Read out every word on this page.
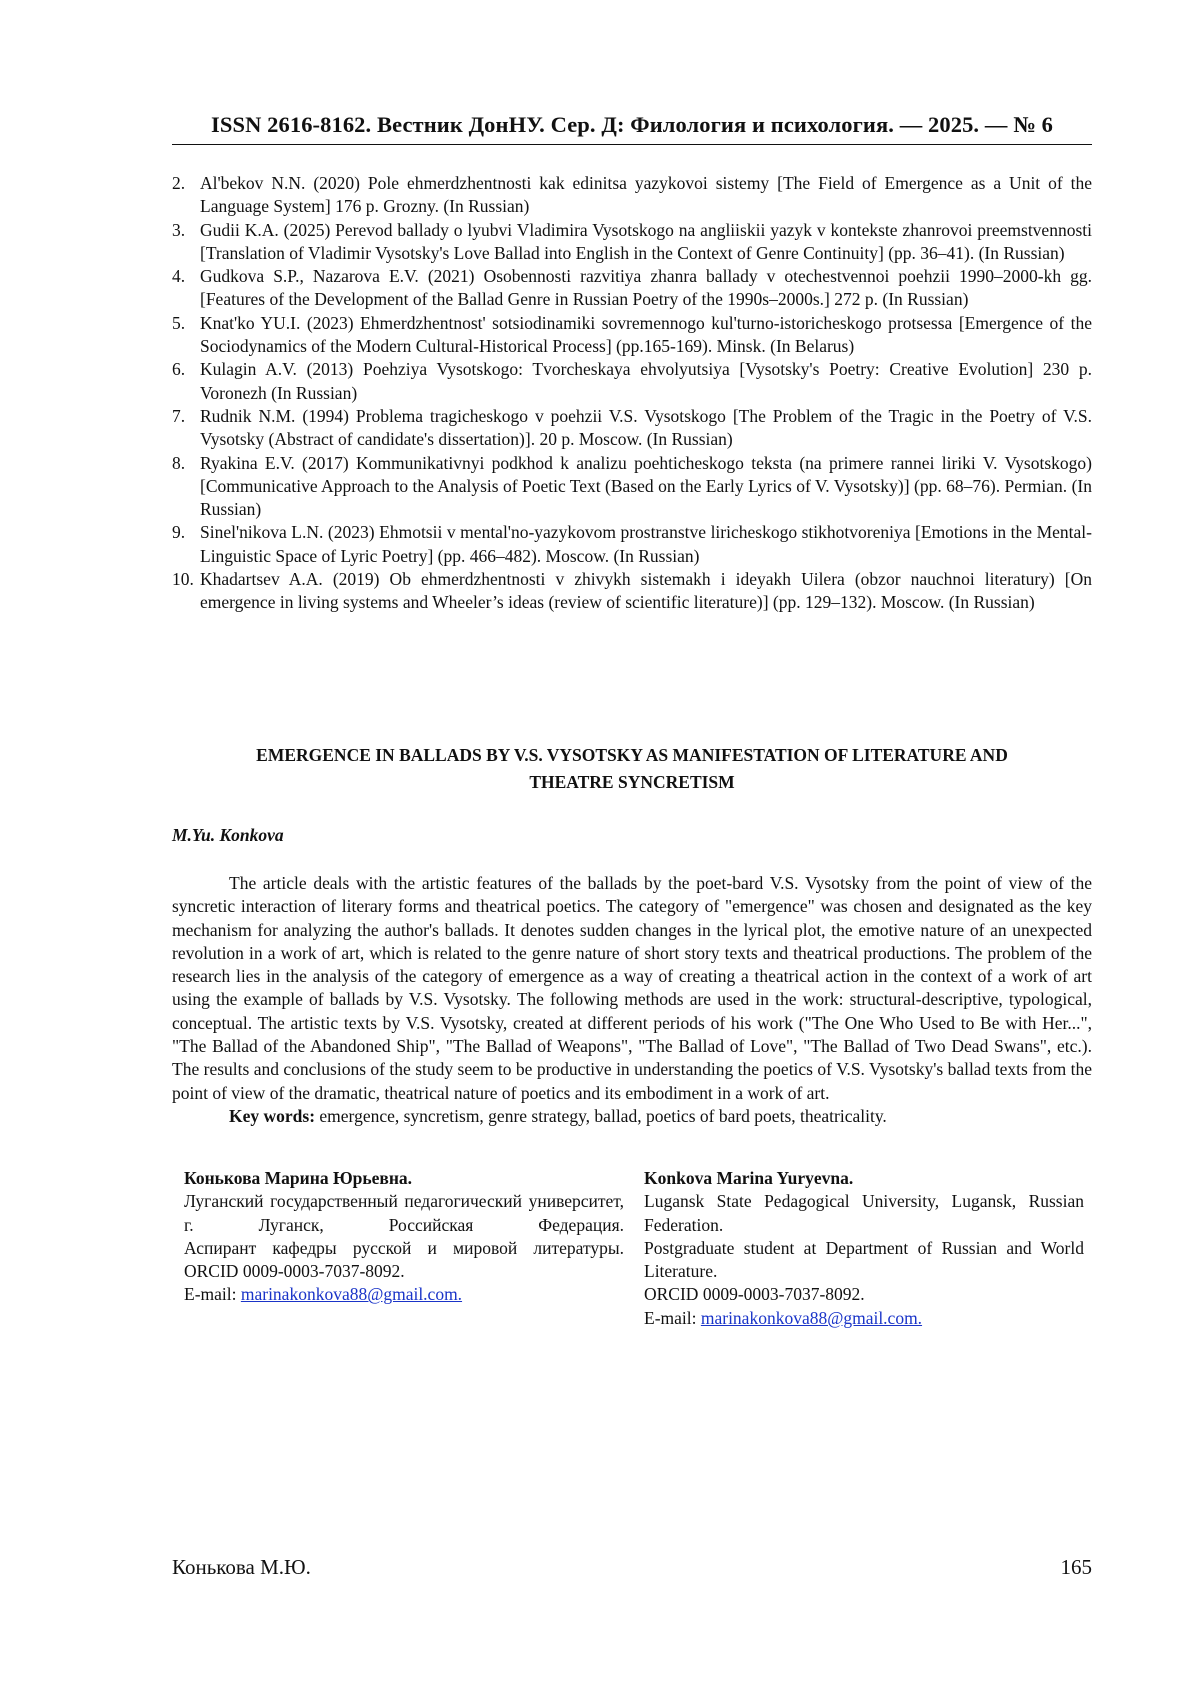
ISSN 2616-8162. Вестник ДонНУ. Сер. Д: Филология и психология. — 2025. — № 6
2. Al'bekov N.N. (2020) Pole ehmerdzhentnosti kak edinitsa yazykovoi sistemy [The Field of Emergence as a Unit of the Language System] 176 p. Grozny. (In Russian)
3. Gudii K.A. (2025) Perevod ballady o lyubvi Vladimira Vysotskogo na angliiskii yazyk v kontekste zhanrovoi preemstvennosti [Translation of Vladimir Vysotsky's Love Ballad into English in the Context of Genre Continuity] (pp. 36–41). (In Russian)
4. Gudkova S.P., Nazarova E.V. (2021) Osobennosti razvitiya zhanra ballady v otechestvennoi poehzii 1990–2000-kh gg. [Features of the Development of the Ballad Genre in Russian Poetry of the 1990s–2000s.] 272 p. (In Russian)
5. Knat'ko YU.I. (2023) Ehmerdzhentnost' sotsiodinamiki sovremennogo kul'turno-istoricheskogo protsessa [Emergence of the Sociodynamics of the Modern Cultural-Historical Process] (pp.165-169). Minsk. (In Belarus)
6. Kulagin A.V. (2013) Poehziya Vysotskogo: Tvorcheskaya ehvolyutsiya [Vysotsky's Poetry: Creative Evolution] 230 p. Voronezh (In Russian)
7. Rudnik N.M. (1994) Problema tragicheskogo v poehzii V.S. Vysotskogo [The Problem of the Tragic in the Poetry of V.S. Vysotsky (Abstract of candidate's dissertation)]. 20 p. Moscow. (In Russian)
8. Ryakina E.V. (2017) Kommunikativnyi podkhod k analizu poehticheskogo teksta (na primere rannei liriki V. Vysotskogo) [Communicative Approach to the Analysis of Poetic Text (Based on the Early Lyrics of V. Vysotsky)] (pp. 68–76). Permian. (In Russian)
9. Sinel'nikova L.N. (2023) Ehmotsii v mental'no-yazykovom prostranstve liricheskogo stikhotvoreniya [Emotions in the Mental-Linguistic Space of Lyric Poetry] (pp. 466–482). Moscow. (In Russian)
10. Khadartsev A.A. (2019) Ob ehmerdzhentnosti v zhivykh sistemakh i ideyakh Uilera (obzor nauchnoi literatury) [On emergence in living systems and Wheeler’s ideas (review of scientific literature)] (pp. 129–132). Moscow. (In Russian)
EMERGENCE IN BALLADS BY V.S. VYSOTSKY AS MANIFESTATION OF LITERATURE AND
THEATRE SYNCRETISM
M.Yu. Konkova

The article deals with the artistic features of the ballads by the poet-bard V.S. Vysotsky from the point of view of the syncretic interaction of literary forms and theatrical poetics. The category of "emergence" was chosen and designated as the key mechanism for analyzing the author's ballads. It denotes sudden changes in the lyrical plot, the emotive nature of an unexpected revolution in a work of art, which is related to the genre nature of short story texts and theatrical productions. The problem of the research lies in the analysis of the category of emergence as a way of creating a theatrical action in the context of a work of art using the example of ballads by V.S. Vysotsky. The following methods are used in the work: structural-descriptive, typological, conceptual. The artistic texts by V.S. Vysotsky, created at different periods of his work ("The One Who Used to Be with Her...", "The Ballad of the Abandoned Ship", "The Ballad of Weapons", "The Ballad of Love", "The Ballad of Two Dead Swans", etc.). The results and conclusions of the study seem to be productive in understanding the poetics of V.S. Vysotsky's ballad texts from the point of view of the dramatic, theatrical nature of poetics and its embodiment in a work of art.

Key words: emergence, syncretism, genre strategy, ballad, poetics of bard poets, theatricality.

Конькова Марина Юрьевна.
Луганский государственный педагогический университет, г. Луганск, Российская Федерация.
Аспирант кафедры русской и мировой литературы.
ORCID 0009-0003-7037-8092.
E-mail: marinakonkova88@gmail.com.
Konkova Marina Yuryevna.
Lugansk State Pedagogical University, Lugansk, Russian Federation.
Postgraduate student at Department of Russian and World Literature.
ORCID 0009-0003-7037-8092.
E-mail: marinakonkova88@gmail.com.
Конькова М.Ю.	165
